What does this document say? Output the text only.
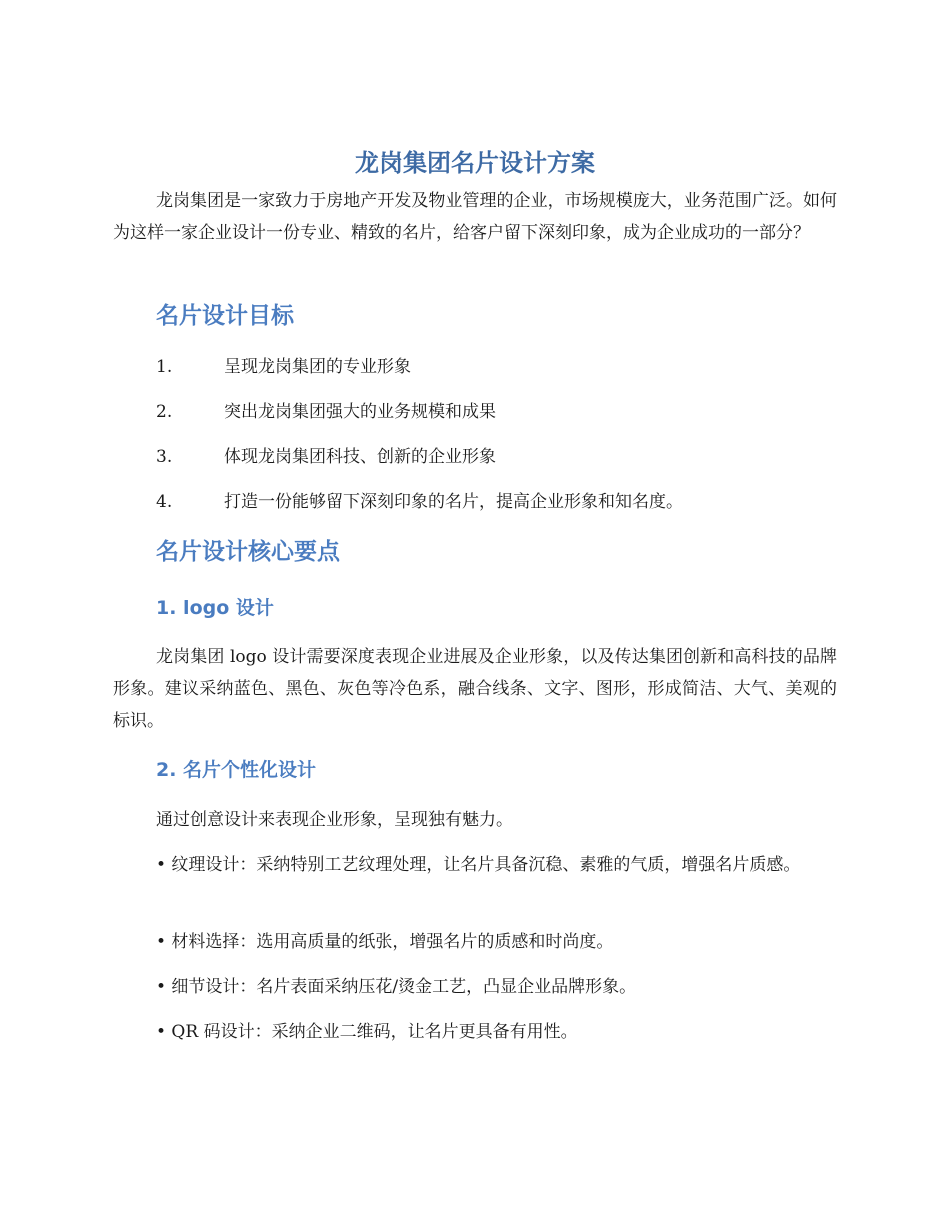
龙岗集团名片设计方案

龙岗集团是一家致力于房地产开发及物业管理的企业，市场规模庞大，业务范围广泛。如何为这样一家企业设计一份专业、精致的名片，给客户留下深刻印象，成为企业成功的一部分？

名片设计目标
1.	呈现龙岗集团的专业形象
2.	突出龙岗集团强大的业务规模和成果
3.	体现龙岗集团科技、创新的企业形象
4.	打造一份能够留下深刻印象的名片，提高企业形象和知名度。
名片设计核心要点
1. logo 设计

龙岗集团 logo 设计需要深度表现企业进展及企业形象，以及传达集团创新和高科技的品牌形象。建议采纳蓝色、黑色、灰色等冷色系，融合线条、文字、图形，形成简洁、大气、美观的标识。

2. 名片个性化设计

通过创意设计来表现企业形象，呈现独有魅力。

• 纹理设计：采纳特别工艺纹理处理，让名片具备沉稳、素雅的气质，增强名片质感。

• 材料选择：选用高质量的纸张，增强名片的质感和时尚度。

• 细节设计：名片表面采纳压花/烫金工艺，凸显企业品牌形象。

• QR 码设计：采纳企业二维码，让名片更具备有用性。
